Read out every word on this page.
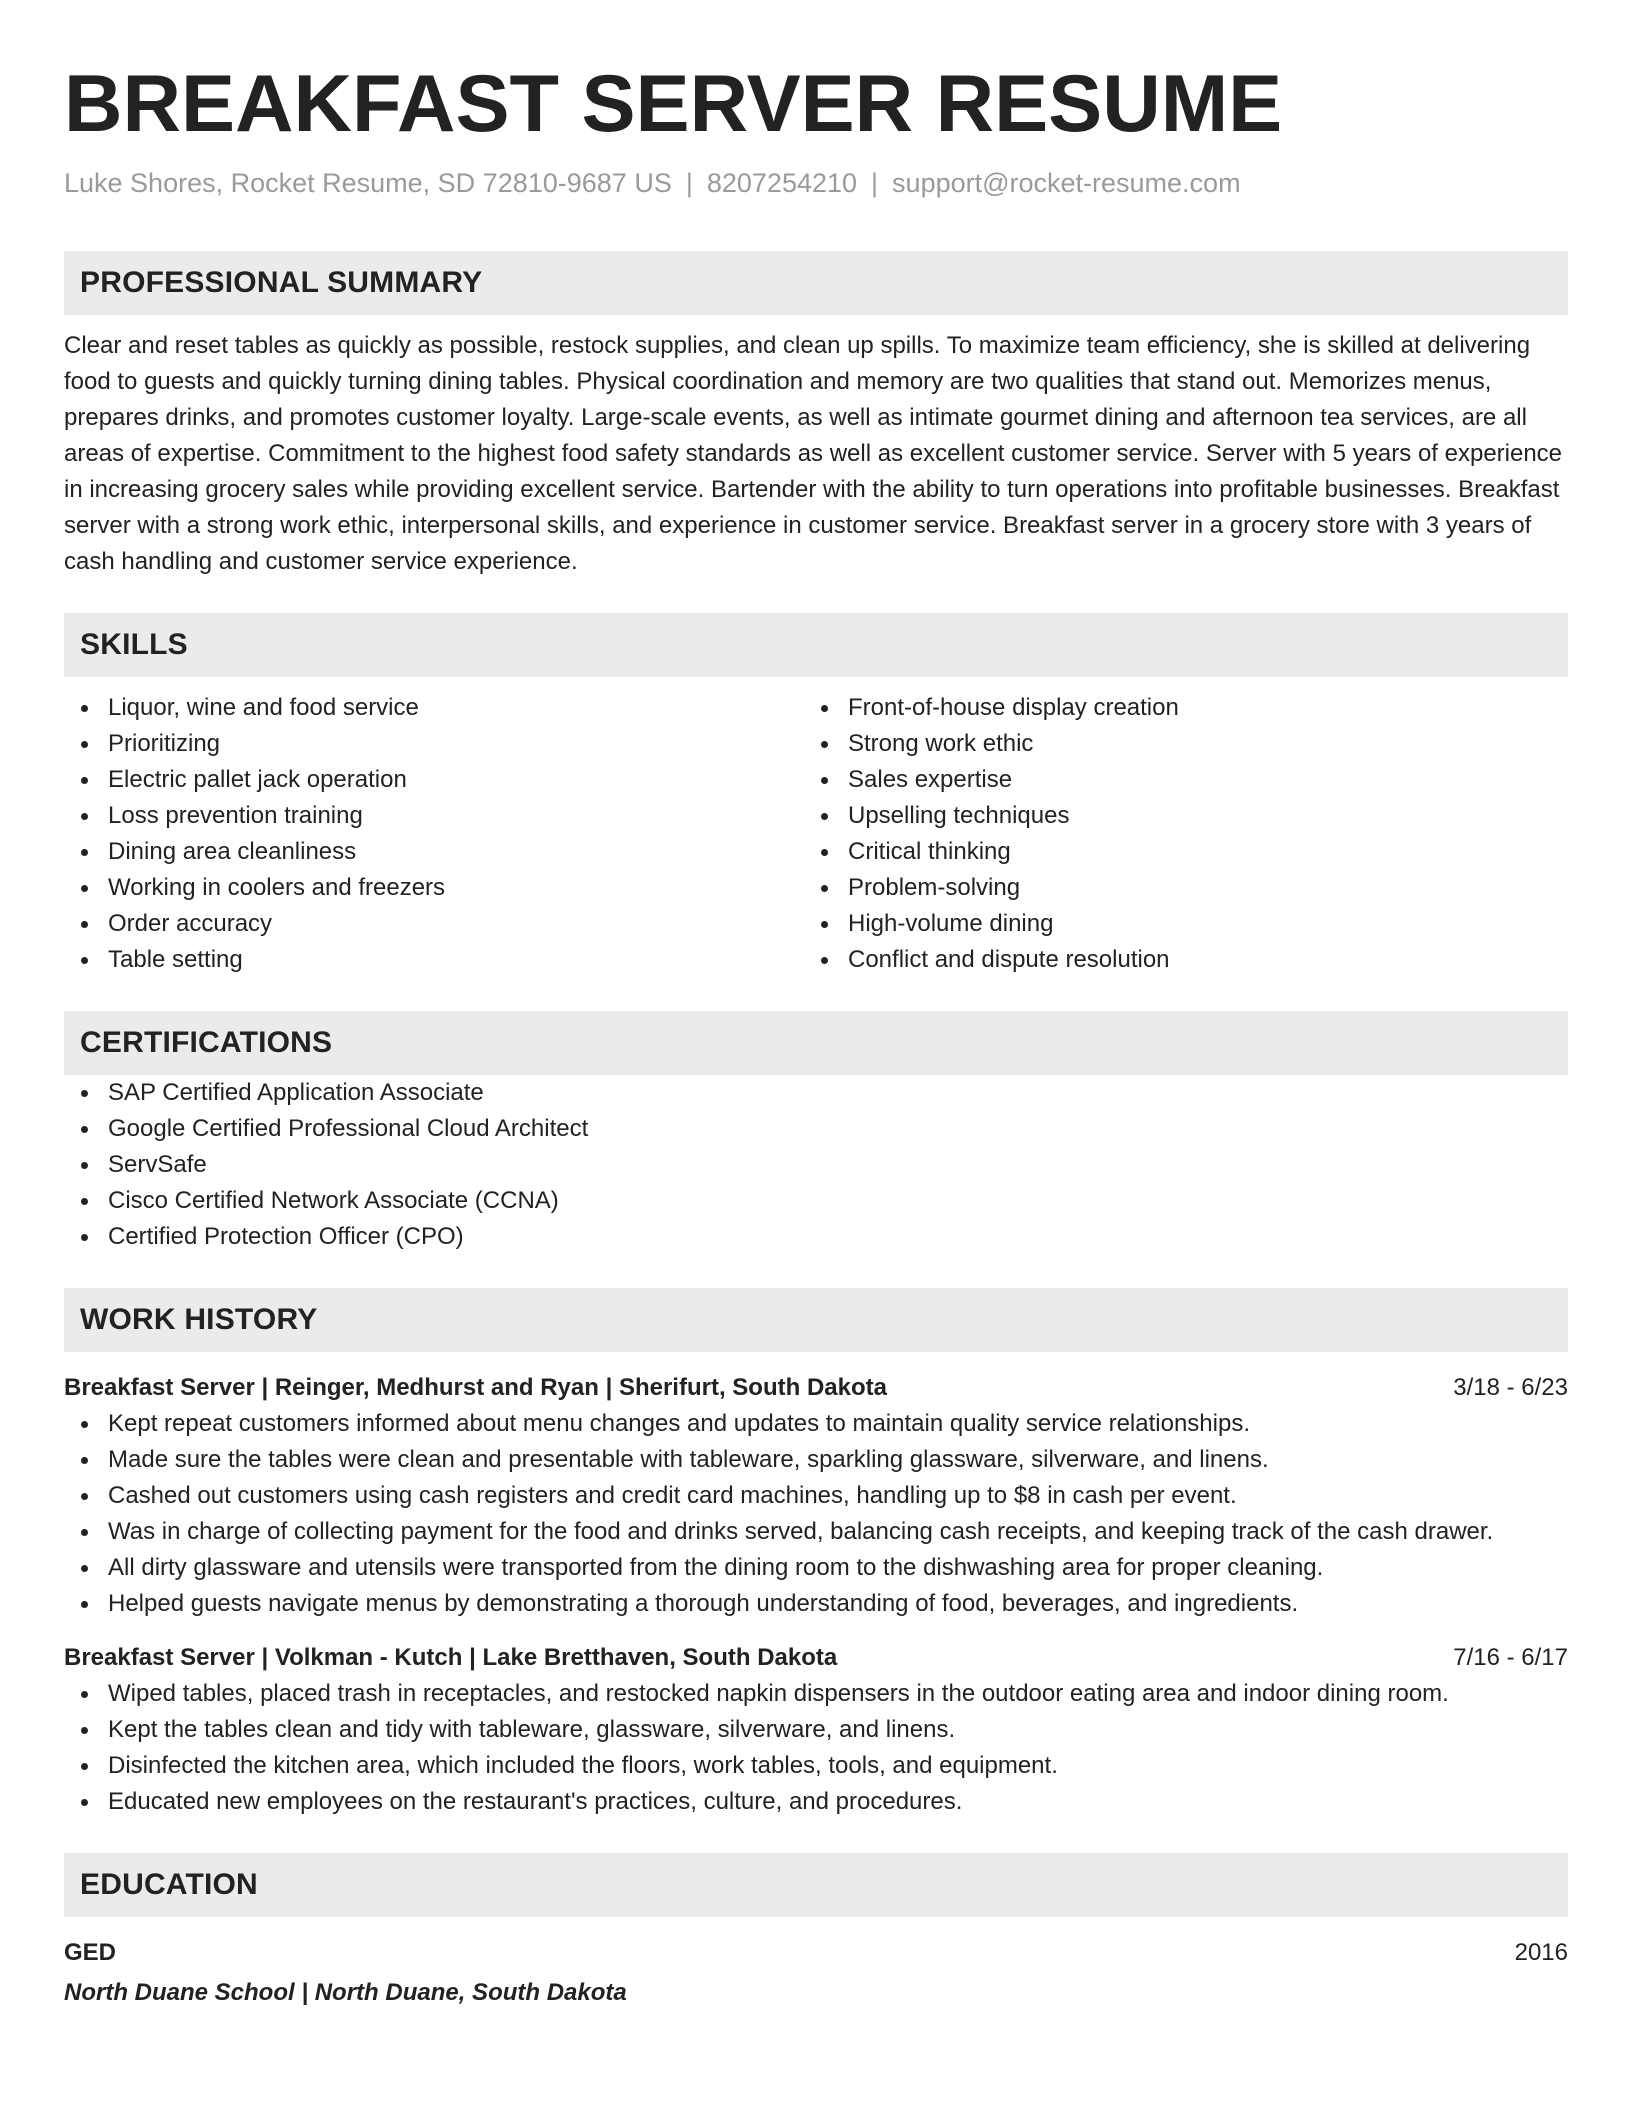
BREAKFAST SERVER RESUME
Luke Shores, Rocket Resume, SD 72810-9687 US | 8207254210 | support@rocket-resume.com
PROFESSIONAL SUMMARY

Clear and reset tables as quickly as possible, restock supplies, and clean up spills. To maximize team efficiency, she is skilled at delivering food to guests and quickly turning dining tables. Physical coordination and memory are two qualities that stand out. Memorizes menus, prepares drinks, and promotes customer loyalty. Large-scale events, as well as intimate gourmet dining and afternoon tea services, are all areas of expertise. Commitment to the highest food safety standards as well as excellent customer service. Server with 5 years of experience in increasing grocery sales while providing excellent service. Bartender with the ability to turn operations into profitable businesses. Breakfast server with a strong work ethic, interpersonal skills, and experience in customer service. Breakfast server in a grocery store with 3 years of cash handling and customer service experience.

SKILLS
Liquor, wine and food service
Prioritizing
Electric pallet jack operation
Loss prevention training
Dining area cleanliness
Working in coolers and freezers
Order accuracy
Table setting
Front-of-house display creation
Strong work ethic
Sales expertise
Upselling techniques
Critical thinking
Problem-solving
High-volume dining
Conflict and dispute resolution
CERTIFICATIONS
SAP Certified Application Associate
Google Certified Professional Cloud Architect
ServSafe
Cisco Certified Network Associate (CCNA)
Certified Protection Officer (CPO)
WORK HISTORY
Breakfast Server | Reinger, Medhurst and Ryan | Sherifurt, South Dakota	3/18 - 6/23
Kept repeat customers informed about menu changes and updates to maintain quality service relationships.
Made sure the tables were clean and presentable with tableware, sparkling glassware, silverware, and linens.
Cashed out customers using cash registers and credit card machines, handling up to $8 in cash per event.
Was in charge of collecting payment for the food and drinks served, balancing cash receipts, and keeping track of the cash drawer.
All dirty glassware and utensils were transported from the dining room to the dishwashing area for proper cleaning.
Helped guests navigate menus by demonstrating a thorough understanding of food, beverages, and ingredients.
Breakfast Server | Volkman - Kutch | Lake Bretthaven, South Dakota	7/16 - 6/17
Wiped tables, placed trash in receptacles, and restocked napkin dispensers in the outdoor eating area and indoor dining room.
Kept the tables clean and tidy with tableware, glassware, silverware, and linens.
Disinfected the kitchen area, which included the floors, work tables, tools, and equipment.
Educated new employees on the restaurant's practices, culture, and procedures.
EDUCATION
GED	2016
North Duane School | North Duane, South Dakota
